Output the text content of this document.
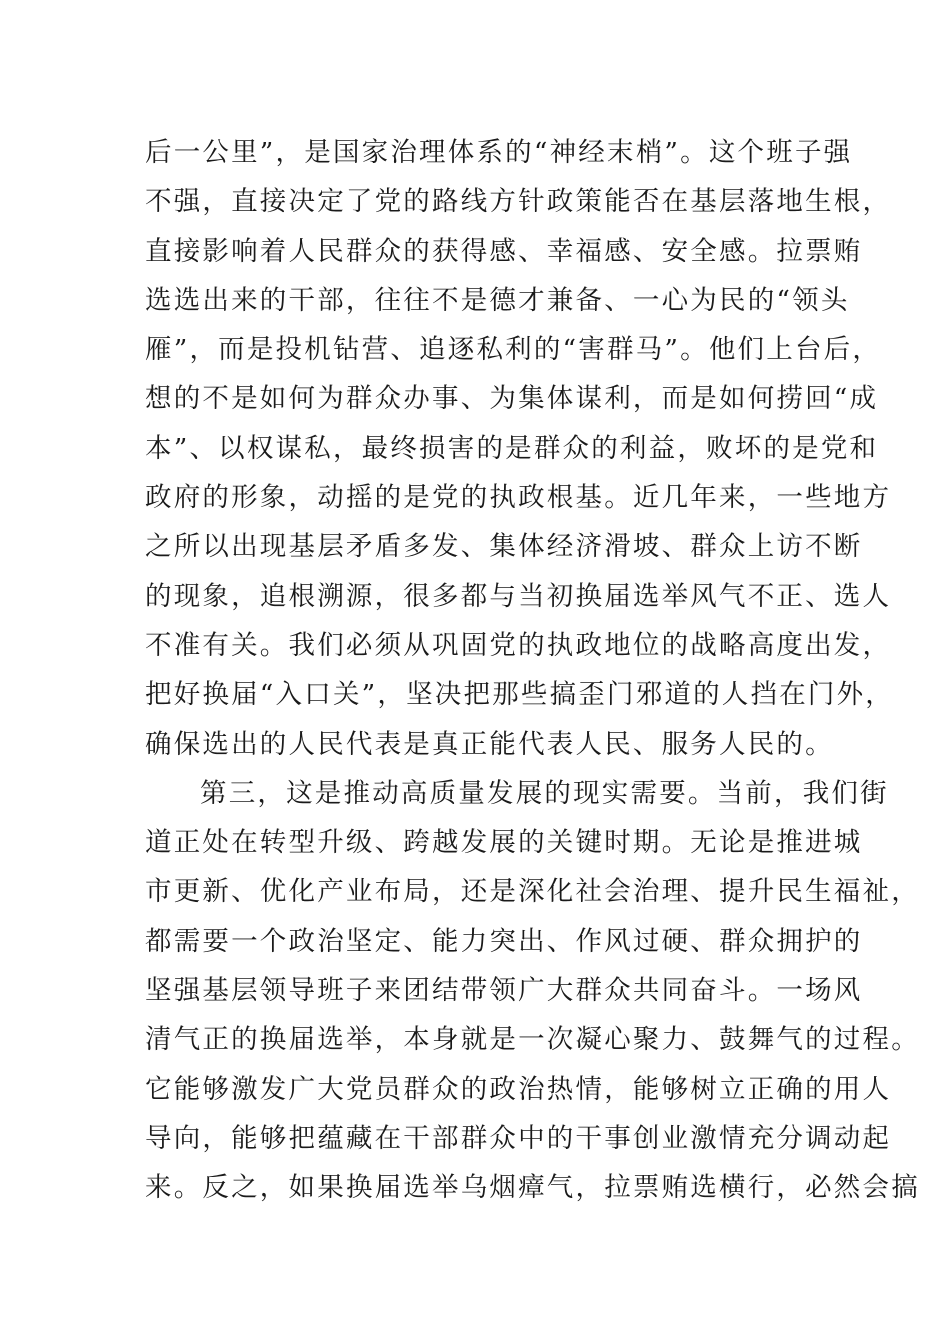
后一公里”，是国家治理体系的“神经末梢”。这个班子强
不强，直接决定了党的路线方针政策能否在基层落地生根，
直接影响着人民群众的获得感、幸福感、安全感。拉票贿
选选出来的干部，往往不是德才兼备、一心为民的“领头
雁”，而是投机钻营、追逐私利的“害群马”。他们上台后，
想的不是如何为群众办事、为集体谋利，而是如何捞回“成
本”、以权谋私，最终损害的是群众的利益，败坏的是党和
政府的形象，动摇的是党的执政根基。近几年来，一些地方
之所以出现基层矛盾多发、集体经济滑坡、群众上访不断
的现象，追根溯源，很多都与当初换届选举风气不正、选人
不准有关。我们必须从巩固党的执政地位的战略高度出发，
把好换届“入口关”，坚决把那些搞歪门邪道的人挡在门外，
确保选出的人民代表是真正能代表人民、服务人民的。
第三，这是推动高质量发展的现实需要。当前，我们街
道正处在转型升级、跨越发展的关键时期。无论是推进城
市更新、优化产业布局，还是深化社会治理、提升民生福祉，
都需要一个政治坚定、能力突出、作风过硬、群众拥护的
坚强基层领导班子来团结带领广大群众共同奋斗。一场风
清气正的换届选举，本身就是一次凝心聚力、鼓舞气的过程。
它能够激发广大党员群众的政治热情，能够树立正确的用人
导向，能够把蕴藏在干部群众中的干事创业激情充分调动起
来。反之，如果换届选举乌烟瘴气，拉票贿选横行，必然会搞
